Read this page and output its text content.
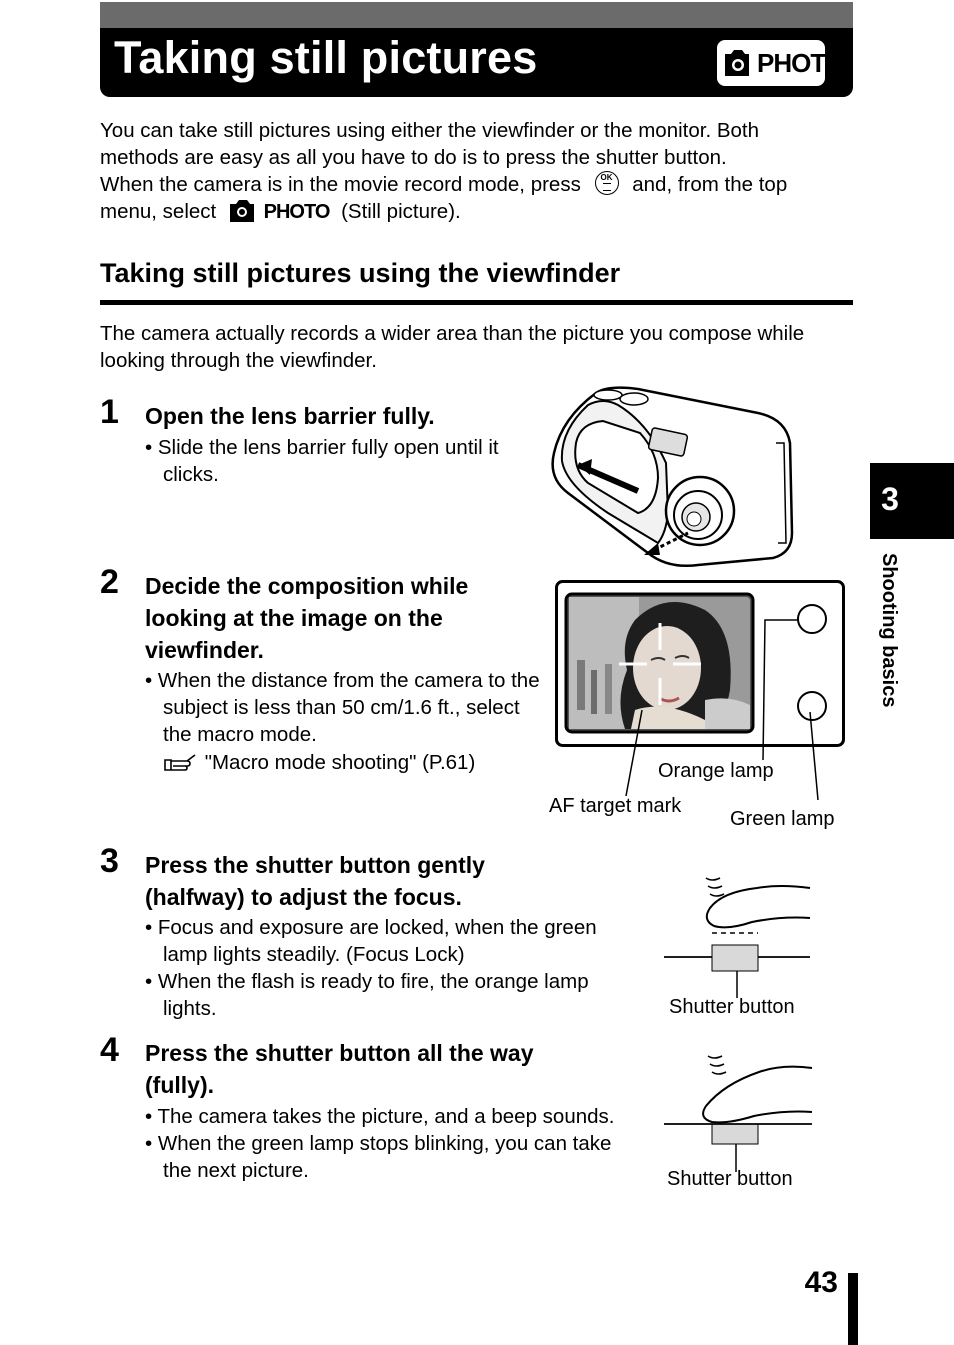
Taking still pictures	PHOTO
You can take still pictures using either the viewfinder or the monitor. Both
methods are easy as all you have to do is to press the shutter button.
When the camera is in the movie record mode, press	OK and, from the top
menu, select PHOTO (Still picture).
Taking still pictures using the viewfinder
The camera actually records a wider area than the picture you compose while
looking through the viewfinder.
1 Open the lens barrier fully.
• Slide the lens barrier fully open until it clicks.
2 Decide the composition while
looking at the image on the
viewfinder.
• When the distance from the camera to the subject is less than 50 cm/1.6 ft., select the macro mode.
"Macro mode shooting" (P.61)	Orange lamp
AF target mark
Green lamp
3 Press the shutter button gently
(halfway) to adjust the focus.
• Focus and exposure are locked, when the green lamp lights steadily. (Focus Lock)
• When the flash is ready to fire, the orange lamp lights.	Shutter button
4 Press the shutter button all the way
(fully).
• The camera takes the picture, and a beep sounds.
• When the green lamp stops blinking, you can take the next picture.	Shutter button
3
Shooting basics
43
